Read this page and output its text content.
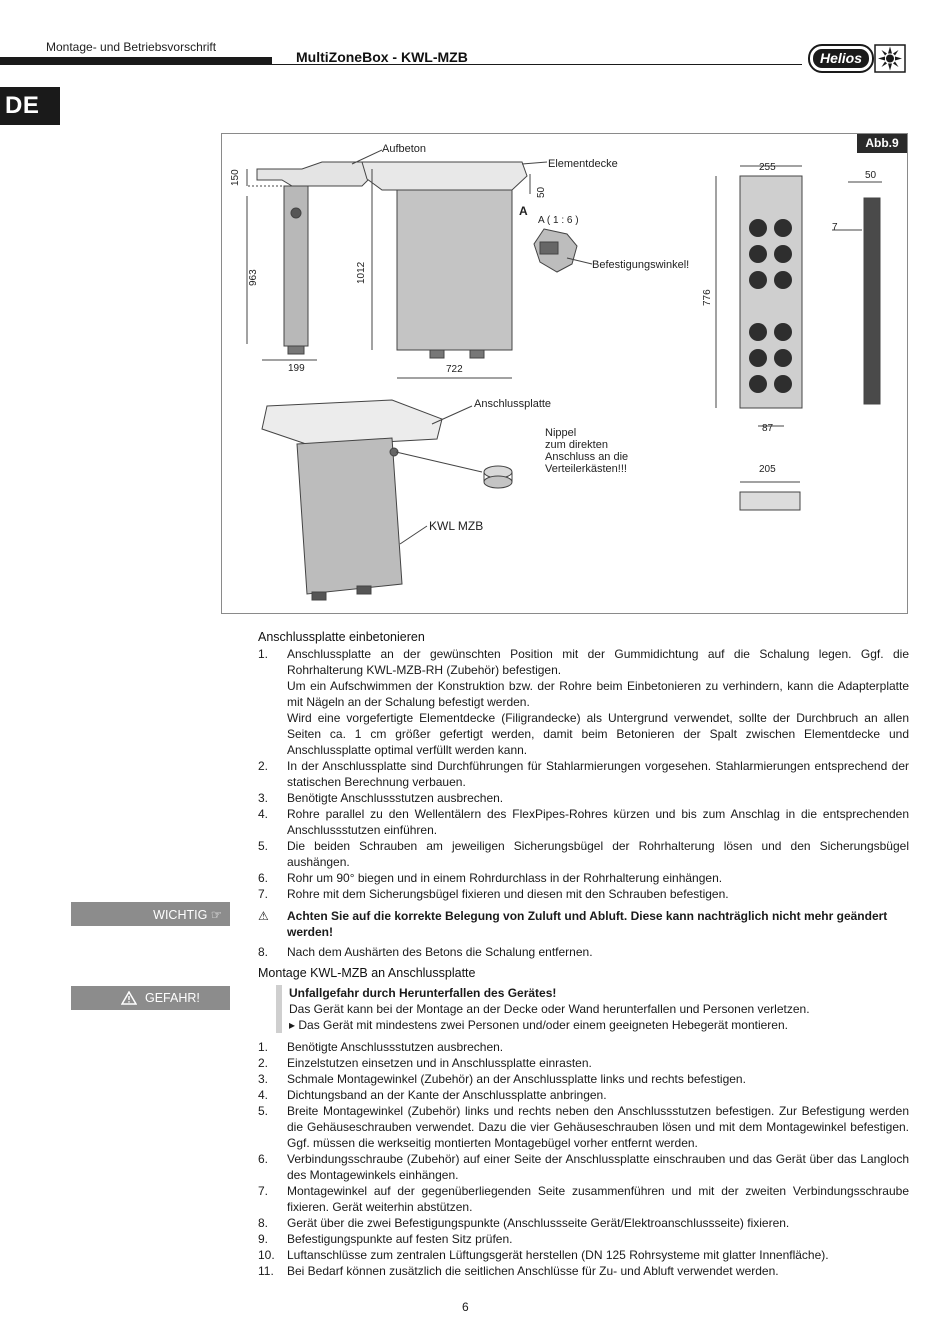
Montage- und Betriebsvorschrift
MultiZoneBox - KWL-MZB	Helios
DE
Abb.9
Aufbeton
Elementdecke
A
A ( 1 : 6 )
Befestigungswinkel!
Anschlussplatte
Nippel
zum direkten
Anschluss an die
Verteilerkästen!!!
KWL MZB
150
963
199
1012
50
722
255
776
87
50
7
205
WICHTIG ☞
GEFAHR!
Anschlussplatte einbetonieren
1.	Anschlussplatte an der gewünschten Position mit der Gummidichtung auf die Schalung legen. Ggf. die Rohrhalterung KWL-MZB-RH (Zubehör) befestigen.
Um ein Aufschwimmen der Konstruktion bzw. der Rohre beim Einbetonieren zu verhindern, kann die Adapterplatte mit Nägeln an der Schalung befestigt werden.
Wird eine vorgefertigte Elementdecke (Filigrandecke) als Untergrund verwendet, sollte der Durchbruch an allen Seiten ca. 1 cm größer gefertigt werden, damit beim Betonieren der Spalt zwischen Elementdecke und Anschlussplatte optimal verfüllt werden kann.
2.	In der Anschlussplatte sind Durchführungen für Stahlarmierungen vorgesehen. Stahlarmierungen entsprechend der statischen Berechnung verbauen.
3.	Benötigte Anschlussstutzen ausbrechen.
4.	Rohre parallel zu den Wellentälern des FlexPipes-Rohres kürzen und bis zum Anschlag in die entsprechenden Anschlussstutzen einführen.
5.	Die beiden Schrauben am jeweiligen Sicherungsbügel der Rohrhalterung lösen und den Sicherungsbügel aushängen.
6.	Rohr um 90° biegen und in einem Rohrdurchlass in der Rohrhalterung einhängen.
7.	Rohre mit dem Sicherungsbügel fixieren und diesen mit den Schrauben befestigen.
⚠	Achten Sie auf die korrekte Belegung von Zuluft und Abluft. Diese kann nachträglich nicht mehr geändert werden!
8.	Nach dem Aushärten des Betons die Schalung entfernen.
Montage KWL-MZB an Anschlussplatte
Unfallgefahr durch Herunterfallen des Gerätes!
Das Gerät kann bei der Montage an der Decke oder Wand herunterfallen und Personen verletzen.
▸ Das Gerät mit mindestens zwei Personen und/oder einem geeigneten Hebegerät montieren.
1.	Benötigte Anschlussstutzen ausbrechen.
2.	Einzelstutzen einsetzen und in Anschlussplatte einrasten.
3.	Schmale Montagewinkel (Zubehör) an der Anschlussplatte links und rechts befestigen.
4.	Dichtungsband an der Kante der Anschlussplatte anbringen.
5.	Breite Montagewinkel (Zubehör) links und rechts neben den Anschlussstutzen befestigen. Zur Befestigung werden die Gehäuseschrauben verwendet. Dazu die vier Gehäuseschrauben lösen und mit dem Montagewinkel befestigen. Ggf. müssen die werkseitig montierten Montagebügel vorher entfernt werden.
6.	Verbindungsschraube (Zubehör) auf einer Seite der Anschlussplatte einschrauben und das Gerät über das Langloch des Montagewinkels einhängen.
7.	Montagewinkel auf der gegenüberliegenden Seite zusammenführen und mit der zweiten Verbindungsschraube fixieren. Gerät weiterhin abstützen.
8.	Gerät über die zwei Befestigungspunkte (Anschlussseite Gerät/Elektroanschlussseite) fixieren.
9.	Befestigungspunkte auf festen Sitz prüfen.
10.	Luftanschlüsse zum zentralen Lüftungsgerät herstellen (DN 125 Rohrsysteme mit glatter Innenfläche).
11.	Bei Bedarf können zusätzlich die seitlichen Anschlüsse für Zu- und Abluft verwendet werden.
6
